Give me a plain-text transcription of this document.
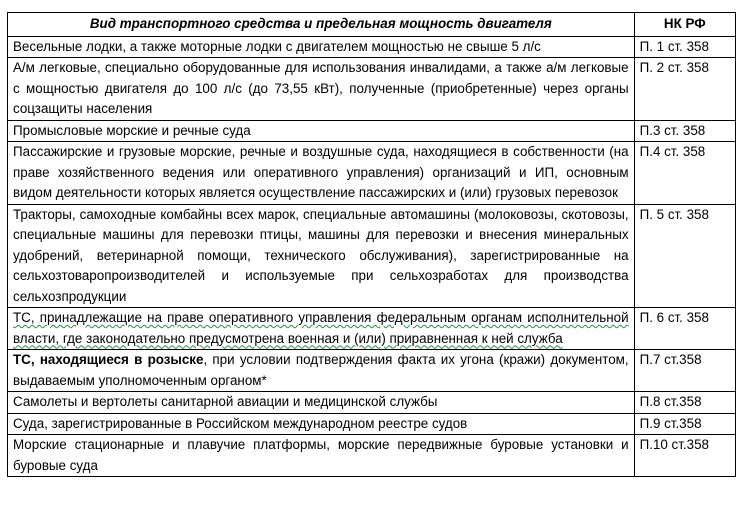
Вид транспортного средства и предельная мощность двигателя	НК РФ
Весельные лодки, а также моторные лодки с двигателем мощностью не свыше 5 л/с	П. 1 ст. 358
А/м легковые, специально оборудованные для использования инвалидами, а также а/м легковые с мощностью двигателя до 100 л/с (до 73,55 кВт), полученные (приобретенные) через органы соцзащиты населения	П. 2 ст. 358
Промысловые морские и речные суда	П.3 ст. 358
Пассажирские и грузовые морские, речные и воздушные суда, находящиеся в собственности (на праве хозяйственного ведения или оперативного управления) организаций и ИП, основным видом деятельности которых является осуществление пассажирских и (или) грузовых перевозок	П.4 ст. 358
Тракторы, самоходные комбайны всех марок, специальные автомашины (молоковозы, скотовозы, специальные машины для перевозки птицы, машины для перевозки и внесения минеральных удобрений, ветеринарной помощи, технического обслуживания), зарегистрированные на сельхозтоваропроизводителей и используемые при сельхозработах для производства сельхозпродукции	П. 5 ст. 358
ТС, принадлежащие на праве оперативного управления федеральным органам исполнительной власти, где законодательно предусмотрена военная и (или) приравненная к ней служба	П. 6 ст. 358
ТС, находящиеся в розыске, при условии подтверждения факта их угона (кражи) документом, выдаваемым уполномоченным органом*	П.7 ст.358
Самолеты и вертолеты санитарной авиации и медицинской службы	П.8 ст.358
Суда, зарегистрированные в Российском международном реестре судов	П.9 ст.358
Морские стационарные и плавучие платформы, морские передвижные буровые установки и буровые суда	П.10 ст.358
